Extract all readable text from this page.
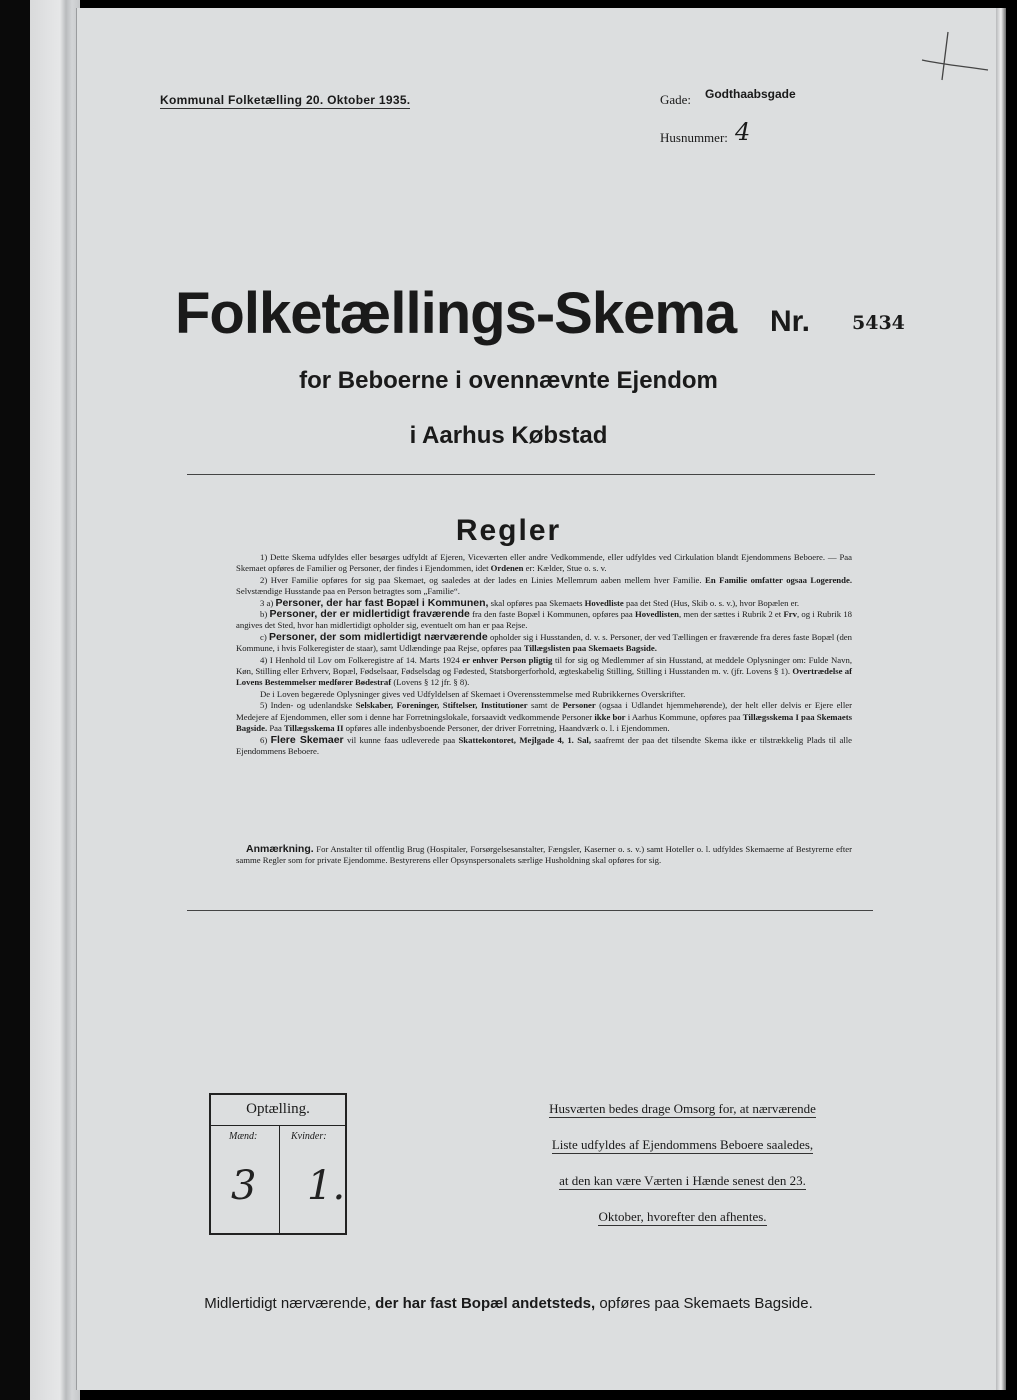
Kommunal Folketælling 20. Oktober 1935.	Gade: Godthaabsgade
Husnummer: 4
Folketællings-Skema Nr. 5434
for Beboerne i ovennævnte Ejendom
i Aarhus Købstad
Regler

1) Dette Skema udfyldes eller besørges udfyldt af Ejeren, Viceværten eller andre Vedkommende, eller udfyldes ved Cirkulation blandt Ejendommens Beboere. — Paa Skemaet opføres de Familier og Personer, der findes i Ejendommen, idet Ordenen er: Kælder, Stue o. s. v.

2) Hver Familie opføres for sig paa Skemaet, og saaledes at der lades en Linies Mellemrum aaben mellem hver Familie. En Familie omfatter ogsaa Logerende. Selvstændige Husstande paa en Person betragtes som „Familie“.

3 a) Personer, der har fast Bopæl i Kommunen, skal opføres paa Skemaets Hovedliste paa det Sted (Hus, Skib o. s. v.), hvor Bopælen er.

b) Personer, der er midlertidigt fraværende fra den faste Bopæl i Kommunen, opføres paa Hovedlisten, men der sættes i Rubrik 2 et Frv, og i Rubrik 18 angives det Sted, hvor han midlertidigt opholder sig, eventuelt om han er paa Rejse.

c) Personer, der som midlertidigt nærværende opholder sig i Husstanden, d. v. s. Personer, der ved Tællingen er fraværende fra deres faste Bopæl (den Kommune, i hvis Folkeregister de staar), samt Udlændinge paa Rejse, opføres paa Tillægslisten paa Skemaets Bagside.

4) I Henhold til Lov om Folkeregistre af 14. Marts 1924 er enhver Person pligtig til for sig og Medlemmer af sin Husstand, at meddele Oplysninger om: Fulde Navn, Køn, Stilling eller Erhverv, Bopæl, Fødselsaar, Fødselsdag og Fødested, Statsborgerforhold, ægteskabelig Stilling, Stilling i Husstanden m. v. (jfr. Lovens § 1). Overtrædelse af Lovens Bestemmelser medfører Bødestraf (Lovens § 12 jfr. § 8).

De i Loven begærede Oplysninger gives ved Udfyldelsen af Skemaet i Overensstemmelse med Rubrikkernes Overskrifter.

5) Inden- og udenlandske Selskaber, Foreninger, Stiftelser, Institutioner samt de Personer (ogsaa i Udlandet hjemmehørende), der helt eller delvis er Ejere eller Medejere af Ejendommen, eller som i denne har Forretningslokale, forsaavidt vedkommende Personer ikke bor i Aarhus Kommune, opføres paa Tillægsskema I paa Skemaets Bagside. Paa Tillægsskema II opføres alle indenbysboende Personer, der driver Forretning, Haandværk o. l. i Ejendommen.

6) Flere Skemaer vil kunne faas udleverede paa Skattekontoret, Mejlgade 4, 1. Sal, saafremt der paa det tilsendte Skema ikke er tilstrækkelig Plads til alle Ejendommens Beboere.

Anmærkning. For Anstalter til offentlig Brug (Hospitaler, Forsørgelsesanstalter, Fængsler, Kaserner o. s. v.) samt Hoteller o. l. udfyldes Skemaerne af Bestyrerne efter samme Regler som for private Ejendomme. Bestyrerens eller Opsynspersonalets særlige Husholdning skal opføres for sig.

Optælling.
Mænd:	Kvinder:
3 1.
Husværten bedes drage Omsorg for, at nærværende
Liste udfyldes af Ejendommens Beboere saaledes,
at den kan være Værten i Hænde senest den 23.
Oktober, hvorefter den afhentes.
Midlertidigt nærværende, der har fast Bopæl andetsteds, opføres paa Skemaets Bagside.
